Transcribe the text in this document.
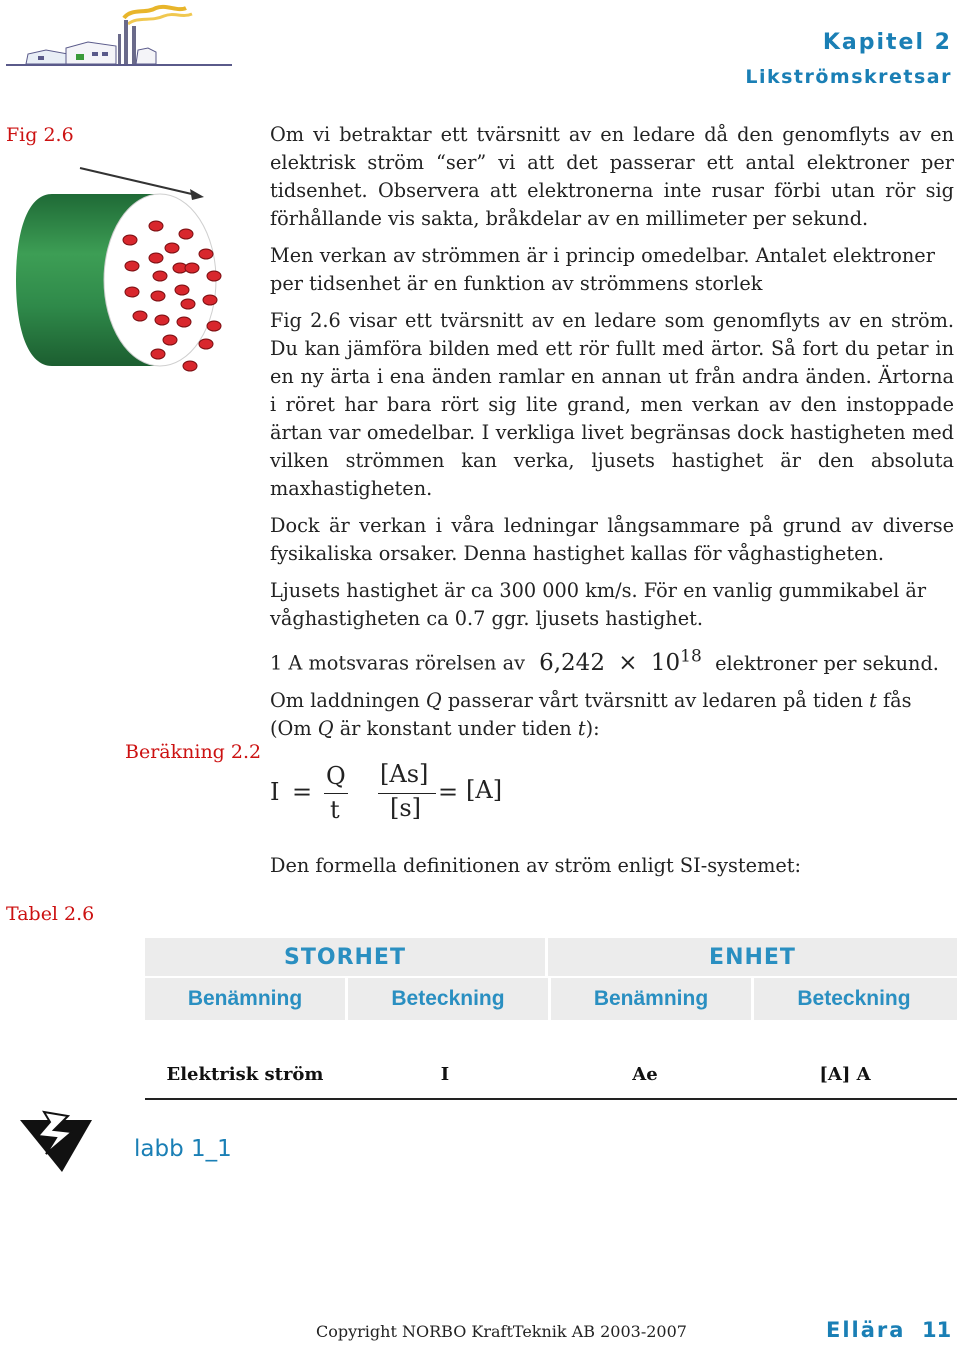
Kapitel 2
Likströmskretsar
Fig 2.6
Beräkning 2.2
Tabel 2.6

Om vi betraktar ett tvärsnitt av en ledare då den genomflyts av en elektrisk ström “ser” vi att det passerar ett antal elektroner per tidsenhet. Observera att elektronerna inte rusar förbi utan rör sig förhållande vis sakta, bråkdelar av en millimeter per sekund.

Men verkan av strömmen är i princip omedelbar. Antalet elektroner per tidsenhet är en funktion av strömmens storlek

Fig 2.6 visar ett tvärsnitt av en ledare som genomflyts av en ström. Du kan jämföra bilden med ett rör fullt med ärtor. Så fort du petar in en ny ärta i ena änden ramlar en annan ut från andra änden. Ärtorna i röret har bara rört sig lite grand, men verkan av den instoppade ärtan var omedelbar. I verkliga livet begränsas dock hastigheten med vilken strömmen kan verka, ljusets hastighet är den absoluta maxhastigheten.

Dock är verkan i våra ledningar långsammare på grund av diverse fysikaliska orsaker. Denna hastighet kallas för våghastigheten.

Ljusets hastighet är ca 300 000 km/s. För en vanlig gummikabel är våghastigheten ca 0.7 ggr. ljusets hastighet.

1 A motsvaras rörelsen av $6,242 \times 10^{18}$ elektroner per sekund.

Om laddningen Q passerar vårt tvärsnitt av ledaren på tiden t fås
(Om Q är konstant under tiden t):

I =
Q
t
[As]
[s]
= [A]

Den formella definitionen av ström enligt SI-systemet:

STORHET	ENHET
Benämning	Beteckning	Benämning	Beteckning
Elektrisk ström	I	Ae	[A] A
labb 1_1
Copyright NORBO KraftTeknik AB 2003-2007	Ellära 11
